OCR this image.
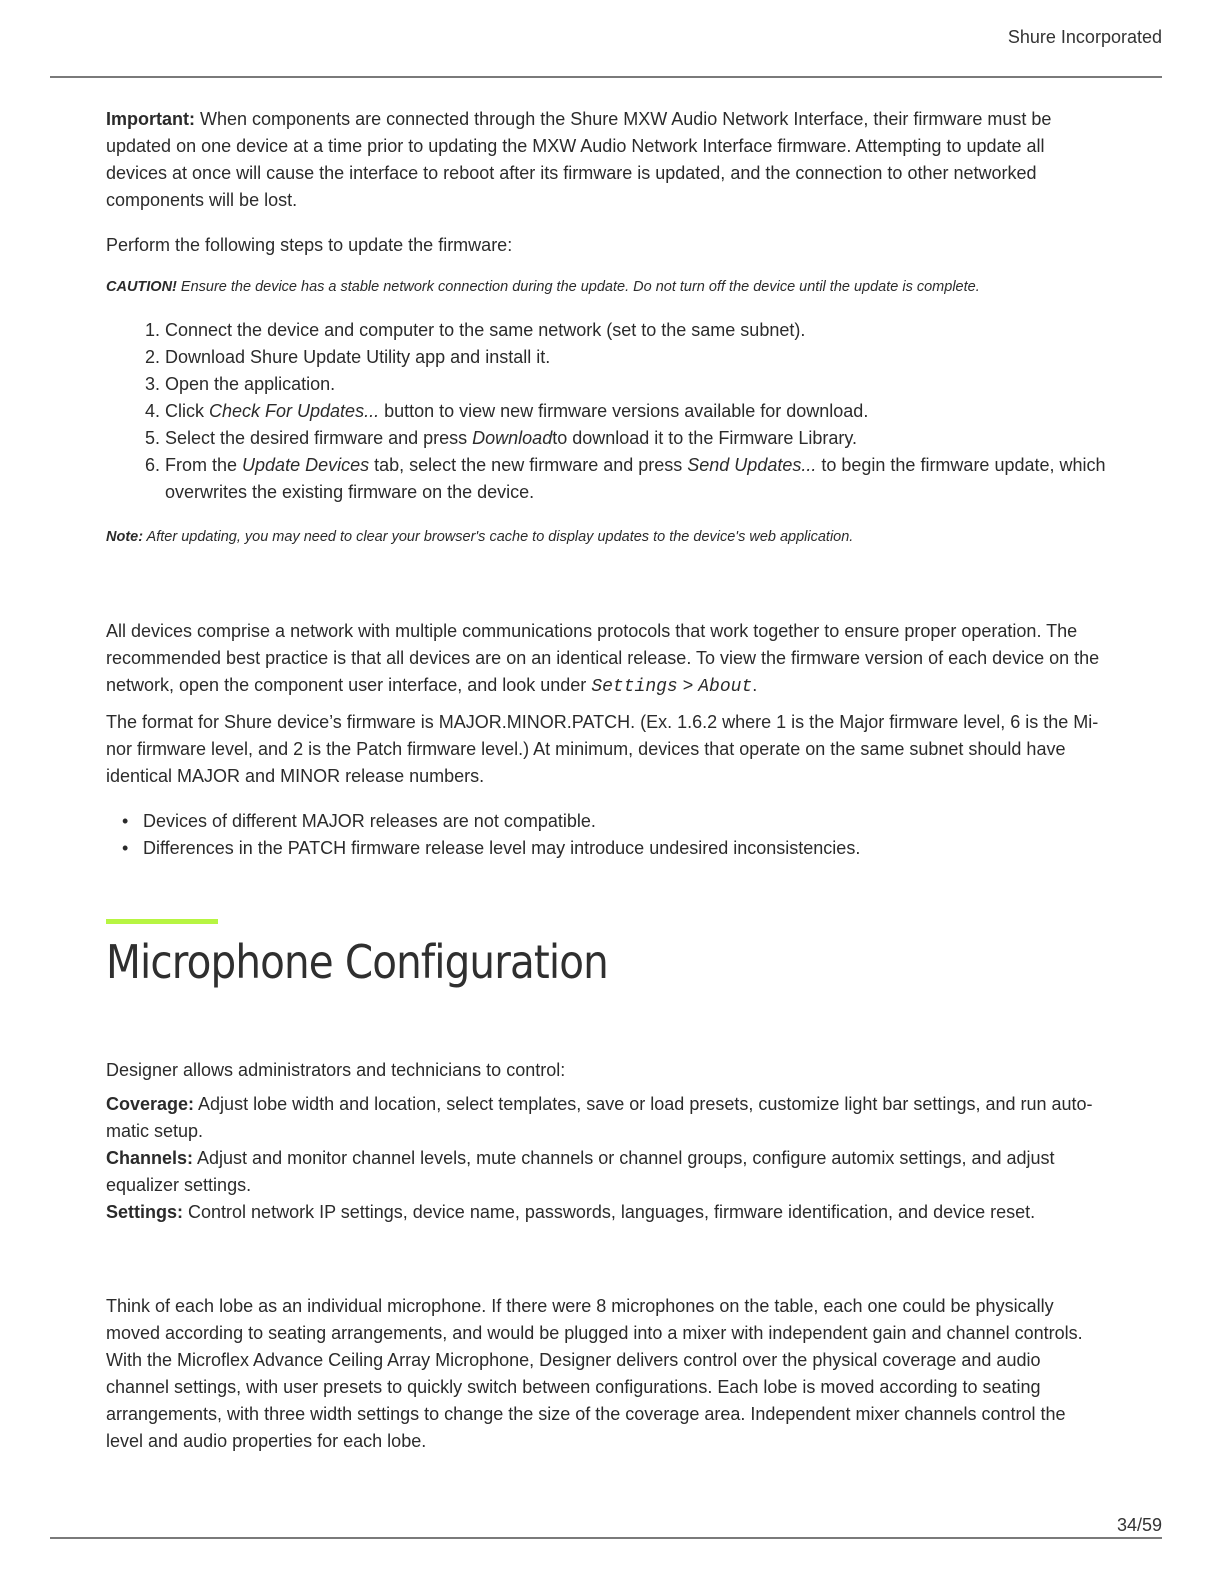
Shure Incorporated

Important: When components are connected through the Shure MXW Audio Network Interface, their firmware must be updated on one device at a time prior to updating the MXW Audio Network Interface firmware. Attempting to update all devices at once will cause the interface to reboot after its firmware is updated, and the connection to other networked components will be lost.

Perform the following steps to update the firmware:

CAUTION! Ensure the device has a stable network connection during the update. Do not turn off the device until the update is complete.

1. Connect the device and computer to the same network (set to the same subnet).
2. Download Shure Update Utility app and install it.
3. Open the application.
4. Click Check For Updates... button to view new firmware versions available for download.
5. Select the desired firmware and press Downloadto download it to the Firmware Library.
6. From the Update Devices tab, select the new firmware and press Send Updates... to begin the firmware update, which overwrites the existing firmware on the device.

Note: After updating, you may need to clear your browser's cache to display updates to the device's web application.

All devices comprise a network with multiple communications protocols that work together to ensure proper operation. The recommended best practice is that all devices are on an identical release. To view the firmware version of each device on the network, open the component user interface, and look under Settings > About.

The format for Shure device’s firmware is MAJOR.MINOR.PATCH. (Ex. 1.6.2 where 1 is the Major firmware level, 6 is the Minor firmware level, and 2 is the Patch firmware level.) At minimum, devices that operate on the same subnet should have identical MAJOR and MINOR release numbers.

• Devices of different MAJOR releases are not compatible.
• Differences in the PATCH firmware release level may introduce undesired inconsistencies.
Microphone Configuration

Designer allows administrators and technicians to control:

Coverage: Adjust lobe width and location, select templates, save or load presets, customize light bar settings, and run automatic setup.
Channels: Adjust and monitor channel levels, mute channels or channel groups, configure automix settings, and adjust equalizer settings.
Settings: Control network IP settings, device name, passwords, languages, firmware identification, and device reset.

Think of each lobe as an individual microphone. If there were 8 microphones on the table, each one could be physically moved according to seating arrangements, and would be plugged into a mixer with independent gain and channel controls. With the Microflex Advance Ceiling Array Microphone, Designer delivers control over the physical coverage and audio channel settings, with user presets to quickly switch between configurations. Each lobe is moved according to seating arrangements, with three width settings to change the size of the coverage area. Independent mixer channels control the level and audio properties for each lobe.

34/59
